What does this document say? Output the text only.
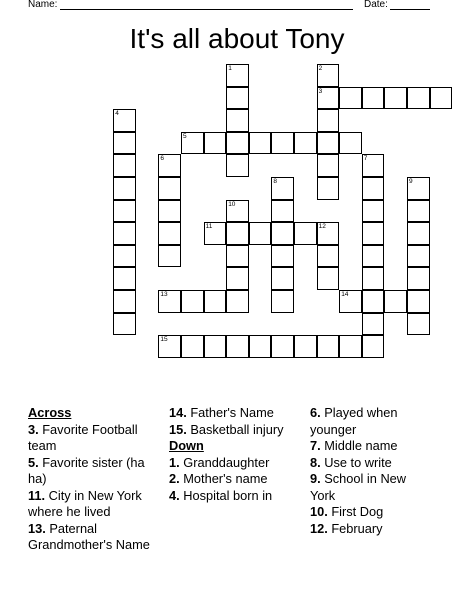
Name:	Date:
It's all about Tony
1	2
3
4
5
6	7
8	9
10
11	12
13	14
15
Across
3. Favorite Football team
5. Favorite sister (ha ha)
11. City in New York where he lived
13. Paternal Grandmother's Name
14. Father's Name
15. Basketball injury
Down
1. Granddaughter
2. Mother's name
4. Hospital born in
6. Played when younger
7. Middle name
8. Use to write
9. School in New York
10. First Dog
12. February
